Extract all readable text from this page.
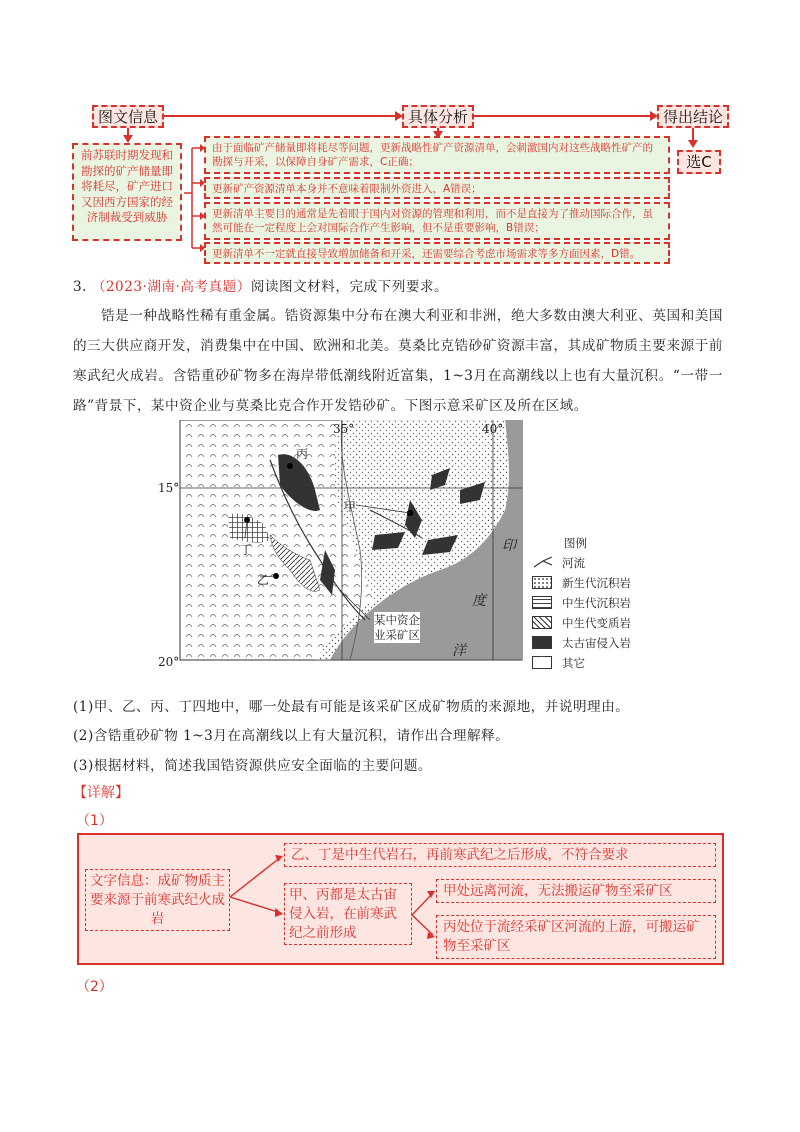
图文信息	具体分析	得出结论
前苏联时期发现和勘探的矿产储量即将耗尽，矿产进口又因西方国家的经济制裁受到威胁
由于面临矿产储量即将耗尽等问题，更新战略性矿产资源清单，会刺激国内对这些战略性矿产的勘探与开采，以保障自身矿产需求，C正确；
更新矿产资源清单本身并不意味着限制外资进入，A错误；
更新清单主要目的通常是先着眼于国内对资源的管理和利用，而不是直接为了推动国际合作，虽然可能在一定程度上会对国际合作产生影响，但不是重要影响，B错误；
更新清单不一定就直接导致増加储备和开采，还需要综合考虑市场需求等多方面因素，D错。
选C
3. （2023·湖南·高考真题）阅读图文材料，完成下列要求。
锆是一种战略性稀有重金属。锆资源集中分布在澳大利亚和非洲，绝大多数由澳大利亚、英国和美国的三大供应商开发，消费集中在中国、欧洲和北美。莫桑比克锆砂矿资源丰富，其成矿物质主要来源于前寒武纪火成岩。含锆重砂矿物多在海岸带低潮线附近富集，1~3月在高潮线以上也有大量沉积。“一带一路”背景下，某中资企业与莫桑比克合作开发锆砂矿。下图示意采矿区及所在区域。
35°	40°
15°
20°
丙
甲
丁
乙
印
度
洋
某中资企
业采矿区
图例
河流
新生代沉积岩
中生代沉积岩
中生代变质岩
太古宙侵入岩
⌒	其它
(1)甲、乙、丙、丁四地中，哪一处最有可能是该采矿区成矿物质的来源地，并说明理由。
(2)含锆重砂矿物 1~3月在高潮线以上有大量沉积，请作出合理解释。
(3)根据材料，简述我国锆资源供应安全面临的主要问题。
【详解】
（1）
文字信息：成矿物质主要来源于前寒武纪火成岩
乙、丁是中生代岩石，再前寒武纪之后形成，不符合要求
甲、丙都是太古宙侵入岩，在前寒武纪之前形成
甲处远离河流，无法搬运矿物至采矿区
丙处位于流经采矿区河流的上游，可搬运矿物至采矿区
（2）
